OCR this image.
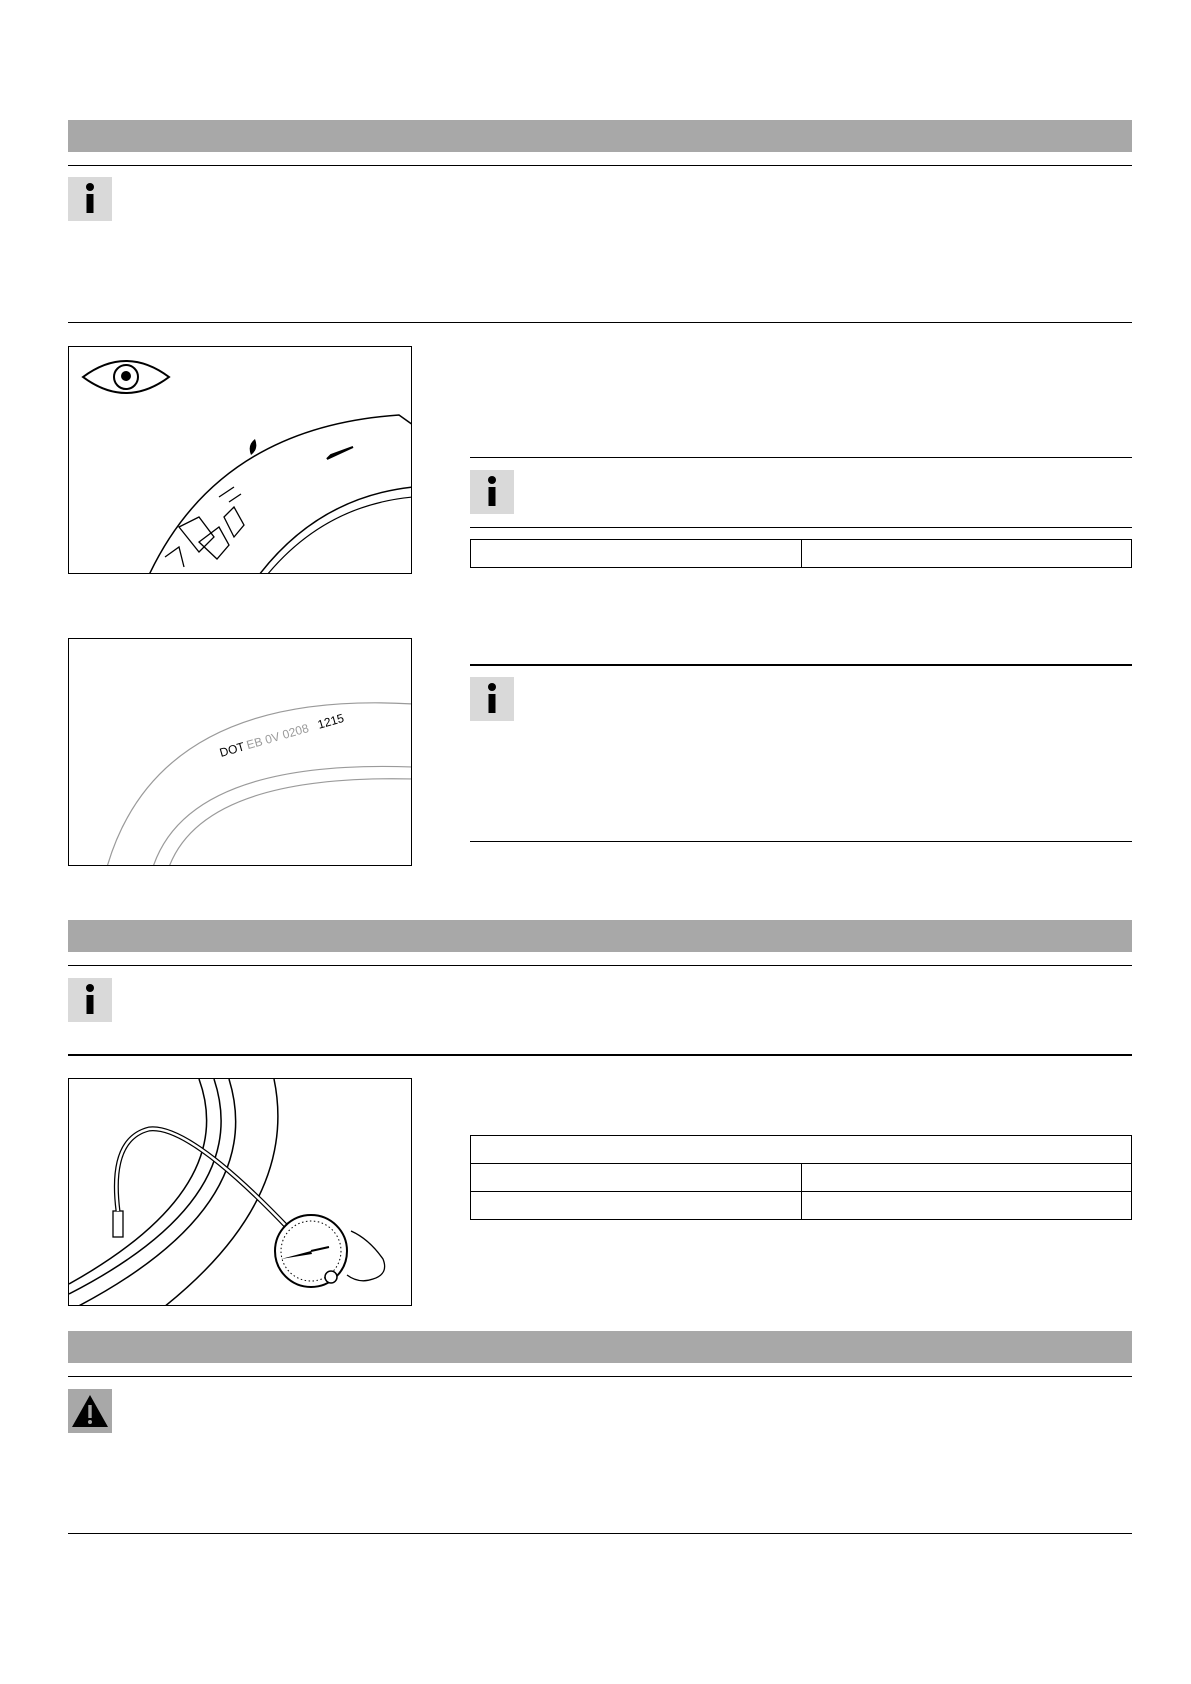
DOT
EB 0V 0208 1215
